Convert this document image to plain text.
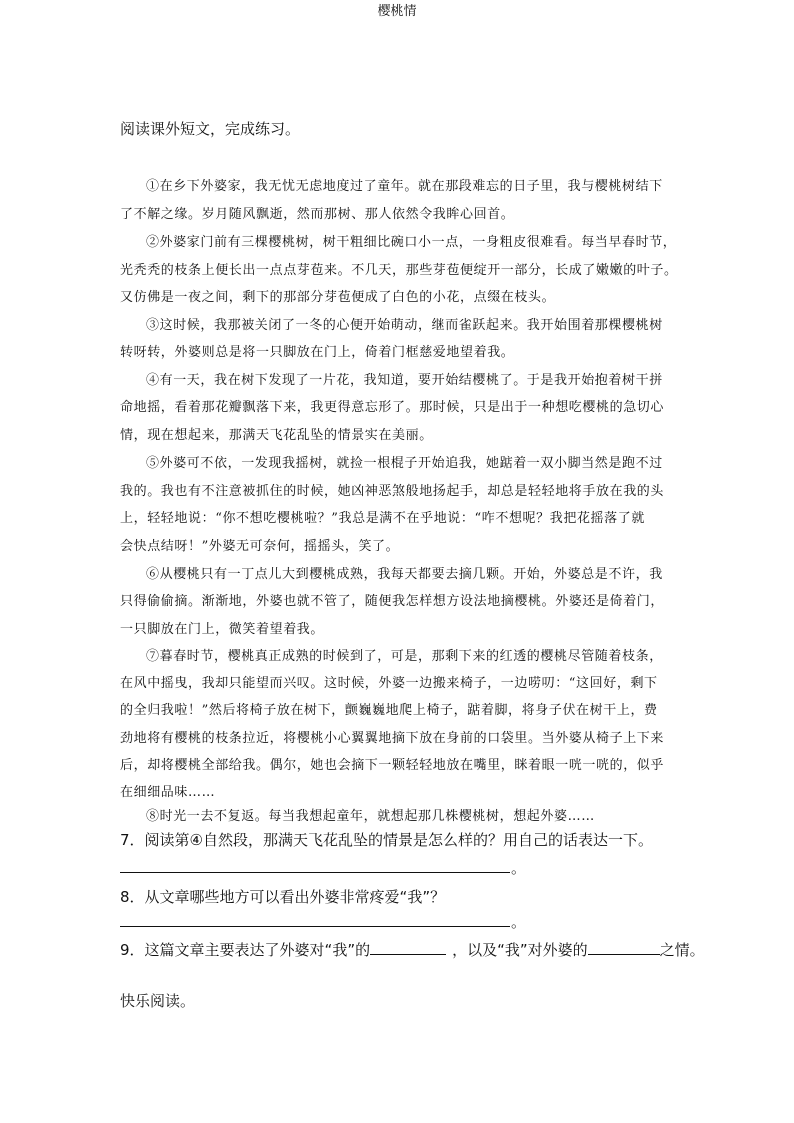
阅读课外短文，完成练习。
樱桃情
①在乡下外婆家，我无忧无虑地度过了童年。就在那段难忘的日子里，我与樱桃树结下
了不解之缘。岁月随风飘逝，然而那树、那人依然令我眸心回首。
②外婆家门前有三棵樱桃树，树干粗细比碗口小一点，一身粗皮很难看。每当早春时节，
光秃秃的枝条上便长出一点点芽苞来。不几天，那些芽苞便绽开一部分，长成了嫩嫩的叶子。
又仿佛是一夜之间，剩下的那部分芽苞便成了白色的小花，点缀在枝头。
③这时候，我那被关闭了一冬的心便开始萌动，继而雀跃起来。我开始围着那棵樱桃树
转呀转，外婆则总是将一只脚放在门上，倚着门框慈爱地望着我。
④有一天，我在树下发现了一片花，我知道，要开始结樱桃了。于是我开始抱着树干拼
命地摇，看着那花瓣飘落下来，我更得意忘形了。那时候，只是出于一种想吃樱桃的急切心
情，现在想起来，那满天飞花乱坠的情景实在美丽。
⑤外婆可不依，一发现我摇树，就捡一根棍子开始追我，她踮着一双小脚当然是跑不过
我的。我也有不注意被抓住的时候，她凶神恶煞般地扬起手，却总是轻轻地将手放在我的头
上，轻轻地说：“你不想吃樱桃啦？”我总是满不在乎地说：“咋不想呢？我把花摇落了就
会快点结呀！”外婆无可奈何，摇摇头，笑了。
⑥从樱桃只有一丁点儿大到樱桃成熟，我每天都要去摘几颗。开始，外婆总是不许，我
只得偷偷摘。渐渐地，外婆也就不管了，随便我怎样想方设法地摘樱桃。外婆还是倚着门，
一只脚放在门上，微笑着望着我。
⑦暮春时节，樱桃真正成熟的时候到了，可是，那剩下来的红透的樱桃尽管随着枝条，
在风中摇曳，我却只能望而兴叹。这时候，外婆一边搬来椅子，一边唠叨：“这回好，剩下
的全归我啦！”然后将椅子放在树下，颤巍巍地爬上椅子，踮着脚，将身子伏在树干上，费
劲地将有樱桃的枝条拉近，将樱桃小心翼翼地摘下放在身前的口袋里。当外婆从椅子上下来
后，却将樱桃全部给我。偶尔，她也会摘下一颗轻轻地放在嘴里，眯着眼一咣一咣的，似乎
在细细品味……
⑧时光一去不复返。每当我想起童年，就想起那几株樱桃树，想起外婆……
7．阅读第④自然段，那满天飞花乱坠的情景是怎么样的？用自己的话表达一下。
。
8．从文章哪些地方可以看出外婆非常疼爱“我”？
。
9．这篇文章主要表达了外婆对“我”的	，以及“我”对外婆的	之情。
快乐阅读。
